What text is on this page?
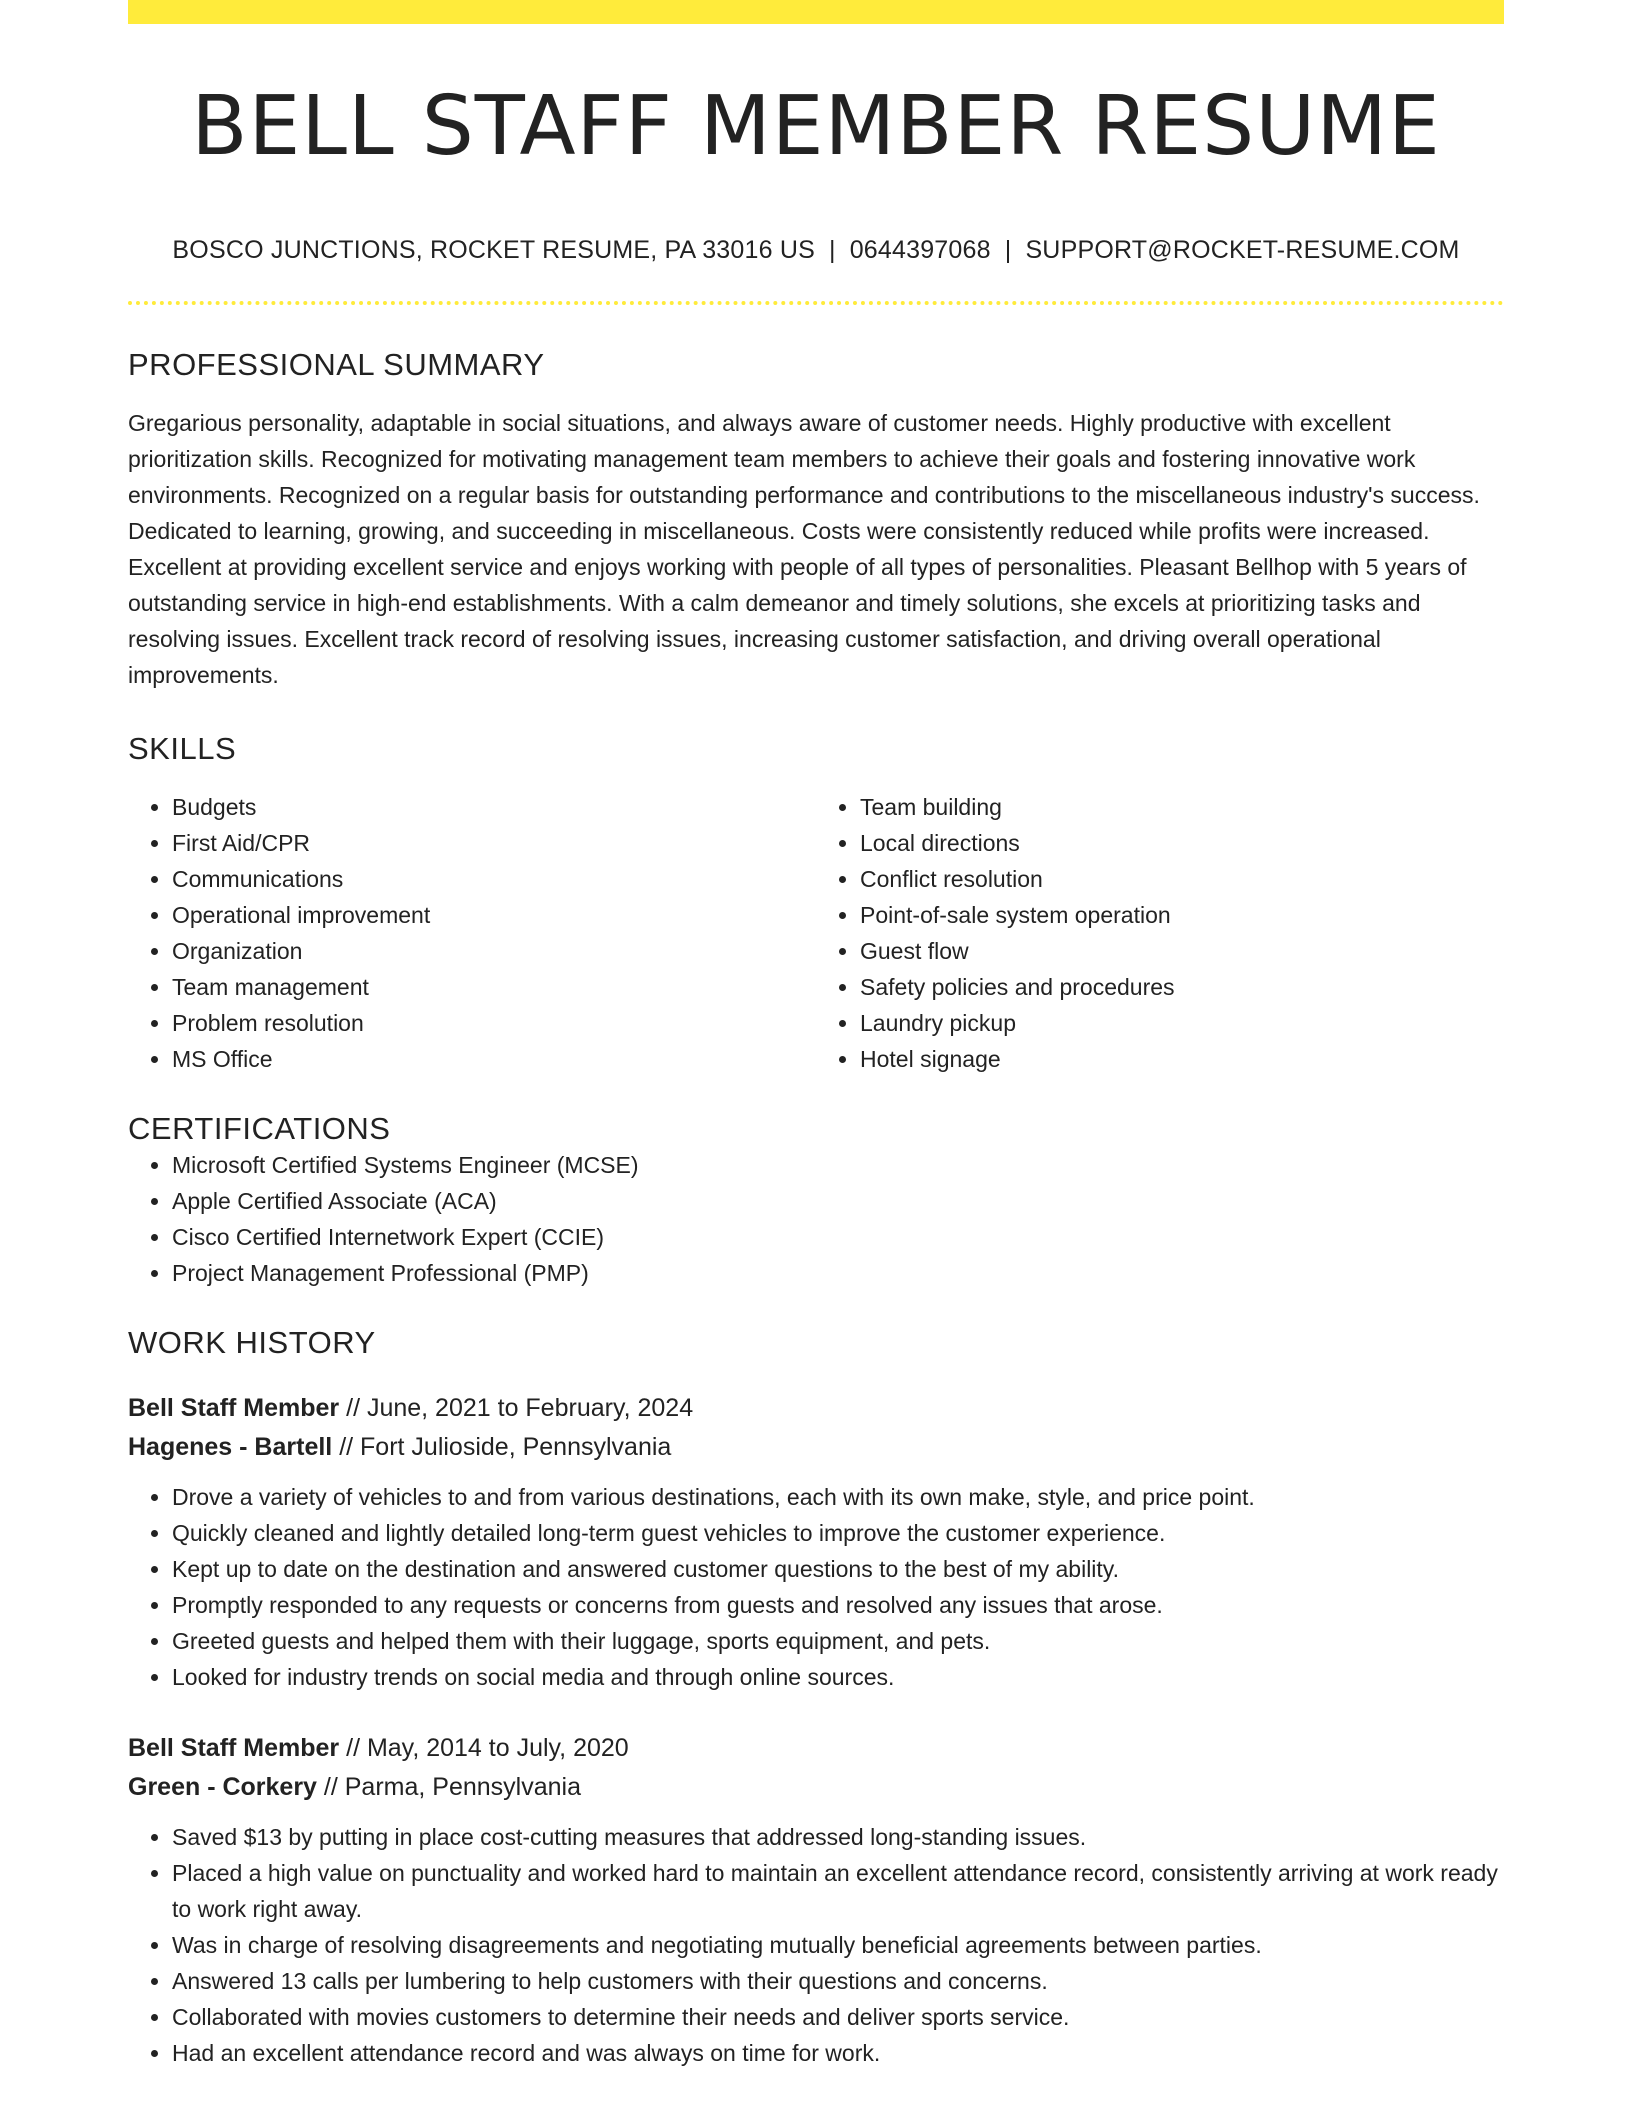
BELL STAFF MEMBER RESUME
BOSCO JUNCTIONS, ROCKET RESUME, PA 33016 US | 0644397068 | SUPPORT@ROCKET-RESUME.COM
PROFESSIONAL SUMMARY

Gregarious personality, adaptable in social situations, and always aware of customer needs. Highly productive with excellent prioritization skills. Recognized for motivating management team members to achieve their goals and fostering innovative work environments. Recognized on a regular basis for outstanding performance and contributions to the miscellaneous industry's success. Dedicated to learning, growing, and succeeding in miscellaneous. Costs were consistently reduced while profits were increased. Excellent at providing excellent service and enjoys working with people of all types of personalities. Pleasant Bellhop with 5 years of outstanding service in high-end establishments. With a calm demeanor and timely solutions, she excels at prioritizing tasks and resolving issues. Excellent track record of resolving issues, increasing customer satisfaction, and driving overall operational improvements.

SKILLS
• Budgets
• First Aid/CPR
• Communications
• Operational improvement
• Organization
• Team management
• Problem resolution
• MS Office
• Team building
• Local directions
• Conflict resolution
• Point-of-sale system operation
• Guest flow
• Safety policies and procedures
• Laundry pickup
• Hotel signage
CERTIFICATIONS
• Microsoft Certified Systems Engineer (MCSE)
• Apple Certified Associate (ACA)
• Cisco Certified Internetwork Expert (CCIE)
• Project Management Professional (PMP)
WORK HISTORY
Bell Staff Member // June, 2021 to February, 2024
Hagenes - Bartell // Fort Julioside, Pennsylvania
• Drove a variety of vehicles to and from various destinations, each with its own make, style, and price point.
• Quickly cleaned and lightly detailed long-term guest vehicles to improve the customer experience.
• Kept up to date on the destination and answered customer questions to the best of my ability.
• Promptly responded to any requests or concerns from guests and resolved any issues that arose.
• Greeted guests and helped them with their luggage, sports equipment, and pets.
• Looked for industry trends on social media and through online sources.
Bell Staff Member // May, 2014 to July, 2020
Green - Corkery // Parma, Pennsylvania
• Saved $13 by putting in place cost-cutting measures that addressed long-standing issues.
• Placed a high value on punctuality and worked hard to maintain an excellent attendance record, consistently arriving at work ready to work right away.
• Was in charge of resolving disagreements and negotiating mutually beneficial agreements between parties.
• Answered 13 calls per lumbering to help customers with their questions and concerns.
• Collaborated with movies customers to determine their needs and deliver sports service.
• Had an excellent attendance record and was always on time for work.
